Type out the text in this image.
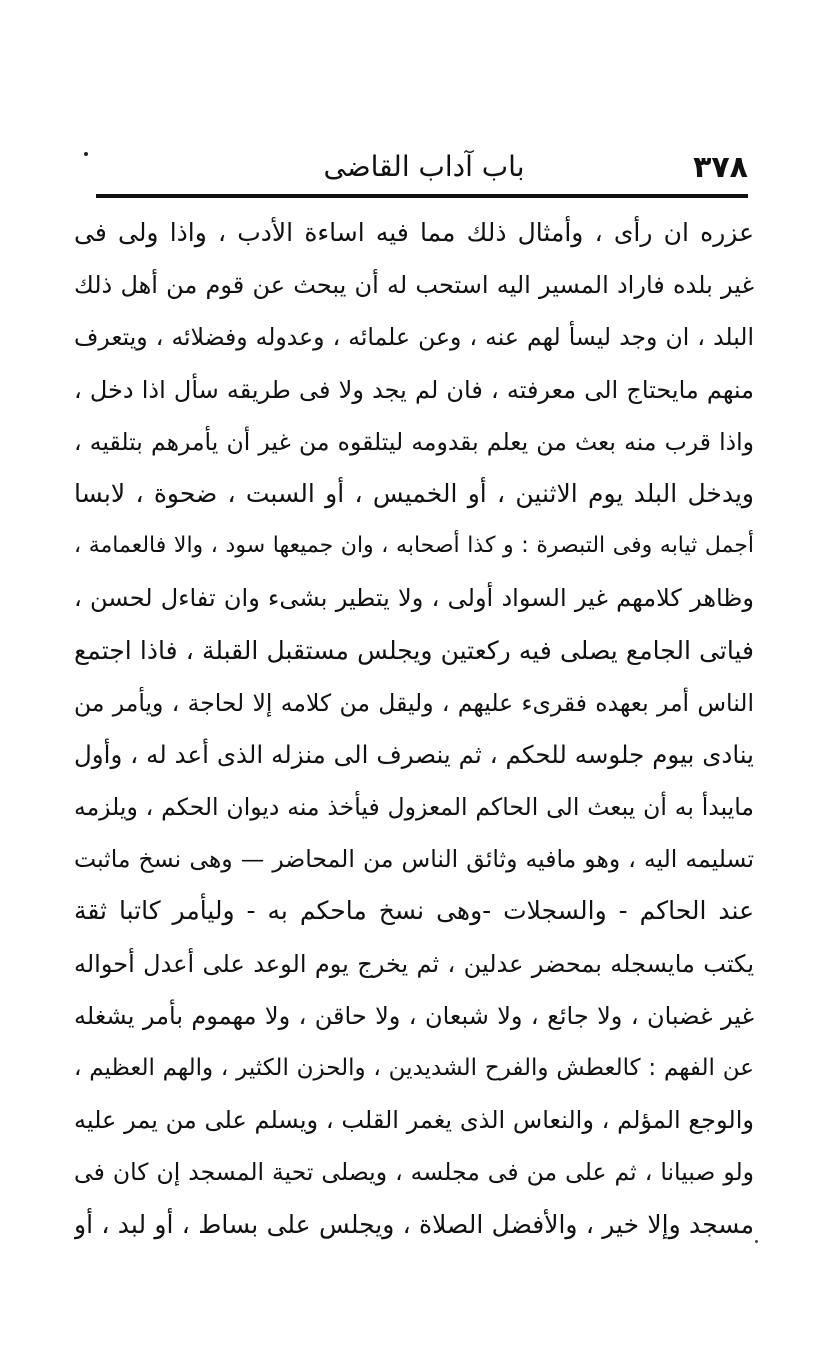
باب آداب القاضى	٣٧٨
عزره ان رأى ، وأمثال ذلك مما فيه اساءة الأدب ، واذا ولى فى
غير بلده فاراد المسير اليه استحب له أن يبحث عن قوم من أهل ذلك
البلد ، ان وجد ليسأ لهم عنه ، وعن علمائه ، وعدوله وفضلائه ، ويتعرف
منهم مايحتاج الى معرفته ، فان لم يجد ولا فى طريقه سأل اذا دخل ،
واذا قرب منه بعث من يعلم بقدومه ليتلقوه من غير أن يأمرهم بتلقيه ،
ويدخل البلد يوم الاثنين ، أو الخميس ، أو السبت ، ضحوة ، لابسا
أجمل ثيابه وفى التبصرة : و كذا أصحابه ، وان جميعها سود ، والا فالعمامة ،
وظاهر كلامهم غير السواد أولى ، ولا يتطير بشىء وان تفاءل لحسن ،
فياتى الجامع يصلى فيه ركعتين ويجلس مستقبل القبلة ، فاذا اجتمع
الناس أمر بعهده فقرىء عليهم ، وليقل من كلامه إلا لحاجة ، ويأمر من
ينادى بيوم جلوسه للحكم ، ثم ينصرف الى منزله الذى أعد له ، وأول
مايبدأ به أن يبعث الى الحاكم المعزول فيأخذ منه ديوان الحكم ، ويلزمه
تسليمه اليه ، وهو مافيه وثائق الناس من المحاضر — وهى نسخ ماثبت
عند الحاكم - والسجلات -وهى نسخ ماحكم به - وليأمر كاتبا ثقة
يكتب مايسجله بمحضر عدلين ، ثم يخرج يوم الوعد على أعدل أحواله
غير غضبان ، ولا جائع ، ولا شبعان ، ولا حاقن ، ولا مهموم بأمر يشغله
عن الفهم : كالعطش والفرح الشديدين ، والحزن الكثير ، والهم العظيم ،
والوجع المؤلم ، والنعاس الذى يغمر القلب ، ويسلم على من يمر عليه
ولو صبيانا ، ثم على من فى مجلسه ، ويصلى تحية المسجد إن كان فى
مسجد وإلا خير ، والأفضل الصلاة ، ويجلس على بساط ، أو لبد ، أو
